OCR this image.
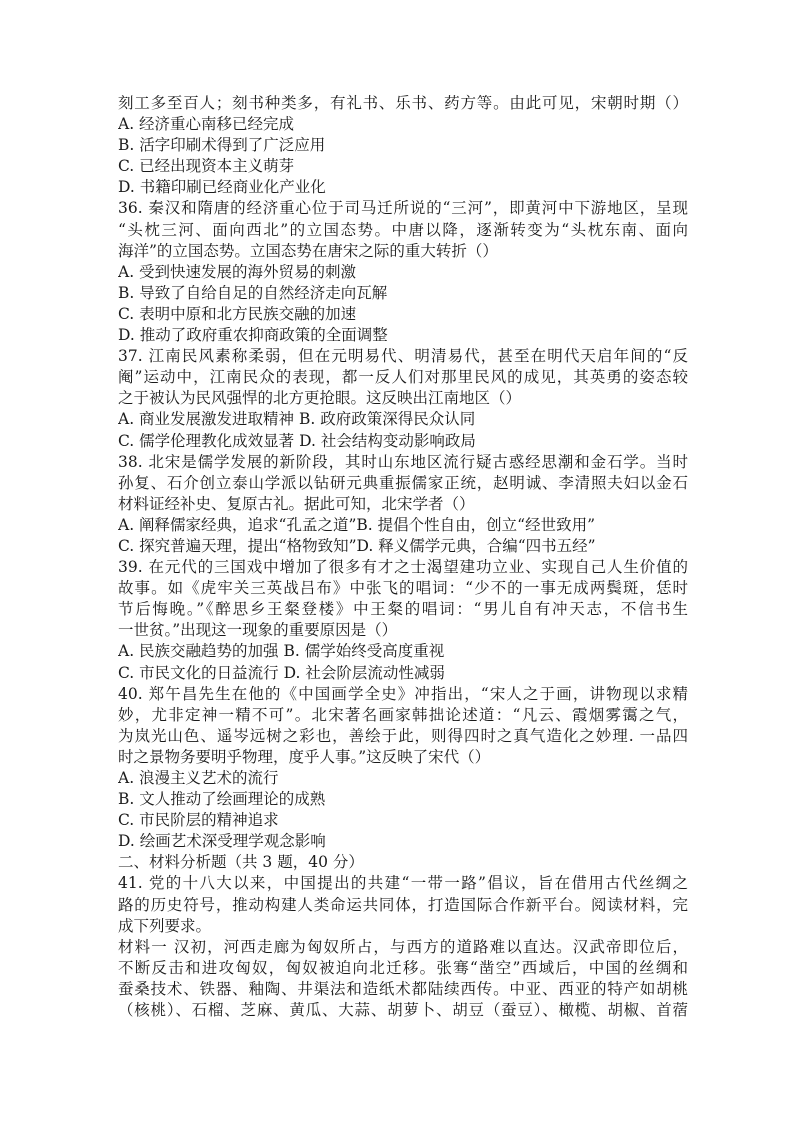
刻工多至百人；刻书种类多，有礼书、乐书、药方等。由此可见，宋朝时期（）
A. 经济重心南移已经完成
B. 活字印刷术得到了广泛应用
C. 已经出现资本主义萌芽
D. 书籍印刷已经商业化产业化
36. 秦汉和隋唐的经济重心位于司马迁所说的“三河”，即黄河中下游地区，呈现
“头枕三河、面向西北”的立国态势。中唐以降，逐渐转变为“头枕东南、面向
海洋”的立国态势。立国态势在唐宋之际的重大转折（）
A. 受到快速发展的海外贸易的刺激
B. 导致了自给自足的自然经济走向瓦解
C. 表明中原和北方民族交融的加速
D. 推动了政府重农抑商政策的全面调整
37. 江南民风素称柔弱，但在元明易代、明清易代，甚至在明代天启年间的“反
阉”运动中，江南民众的表现，都一反人们对那里民风的成见，其英勇的姿态较
之于被认为民风强悍的北方更抢眼。这反映出江南地区（）
A. 商业发展激发进取精神 B. 政府政策深得民众认同
C. 儒学伦理教化成效显著 D. 社会结构变动影响政局
38. 北宋是儒学发展的新阶段，其时山东地区流行疑古惑经思潮和金石学。当时
孙复、石介创立泰山学派以钻研元典重振儒家正统，赵明诚、李清照夫妇以金石
材料证经补史、复原古礼。据此可知，北宋学者（）
A. 阐释儒家经典，追求“孔孟之道”B. 提倡个性自由，创立“经世致用”
C. 探究普遍天理，提出“格物致知”D. 释义儒学元典，合编“四书五经”
39. 在元代的三国戏中增加了很多有才之士渴望建功立业、实现自己人生价值的
故事。如《虎牢关三英战吕布》中张飞的唱词：“少不的一事无成两鬓斑，恁时
节后悔晚。”《醉思乡王粲登楼》中王粲的唱词：“男儿自有冲天志，不信书生
一世贫。”出现这一现象的重要原因是（）
A. 民族交融趋势的加强 B. 儒学始终受高度重视
C. 市民文化的日益流行 D. 社会阶层流动性减弱
40. 郑午昌先生在他的《中国画学全史》冲指出，“宋人之于画，讲物现以求精
妙，尤非定神一精不可”。北宋著名画家韩拙论述道：“凡云、霞烟雾霭之气，
为岚光山色、遥岑远树之彩也，善绘于此，则得四时之真气造化之妙理. 一品四
时之景物务要明乎物理，度乎人事。”这反映了宋代（）
A. 浪漫主义艺术的流行
B. 文人推动了绘画理论的成熟
C. 市民阶层的精神追求
D. 绘画艺术深受理学观念影响
二、材料分析题（共 3 题，40 分）
41. 党的十八大以来，中国提出的共建“一带一路”倡议，旨在借用古代丝绸之
路的历史符号，推动构建人类命运共同体，打造国际合作新平台。阅读材料，完
成下列要求。
材料一 汉初，河西走廊为匈奴所占，与西方的道路难以直达。汉武帝即位后，
不断反击和进攻匈奴，匈奴被迫向北迁移。张骞“凿空”西域后，中国的丝绸和
蚕桑技术、铁器、釉陶、井渠法和造纸术都陆续西传。中亚、西亚的特产如胡桃
（核桃）、石榴、芝麻、黄瓜、大蒜、胡萝卜、胡豆（蚕豆）、橄榄、胡椒、首蓿
